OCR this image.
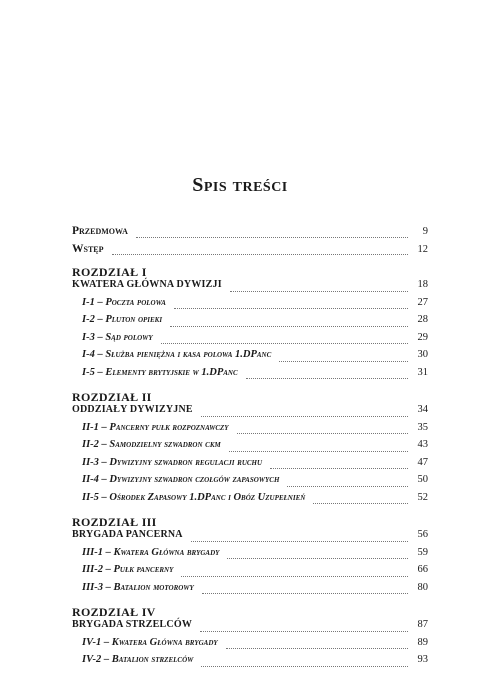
Spis treści
Przedmowa	9
Wstęp	12
ROZDZIAŁ I
KWATERA GŁÓWNA DYWIZJI	18
I-1 – Poczta polowa	27
I-2 – Pluton opieki	28
I-3 – Sąd polowy	29
I-4 – Służba pieniężna i kasa polowa 1.DPanc	30
I-5 – Elementy brytyjskie w 1.DPanc	31
ROZDZIAŁ II
ODDZIAŁY DYWIZYJNE	34
II-1 – Pancerny pułk rozpoznawczy	35
II-2 – Samodzielny szwadron ckm	43
II-3 – Dywizyjny szwadron regulacji ruchu	47
II-4 – Dywizyjny szwadron czołgów zapasowych	50
II-5 – Ośrodek Zapasowy 1.DPanc i Obóz Uzupełnień	52
ROZDZIAŁ III
BRYGADA PANCERNA	56
III-1 – Kwatera Główna brygady	59
III-2 – Pułk pancerny	66
III-3 – Batalion motorowy	80
ROZDZIAŁ IV
BRYGADA STRZELCÓW	87
IV-1 – Kwatera Główna brygady	89
IV-2 – Batalion strzelców	93
